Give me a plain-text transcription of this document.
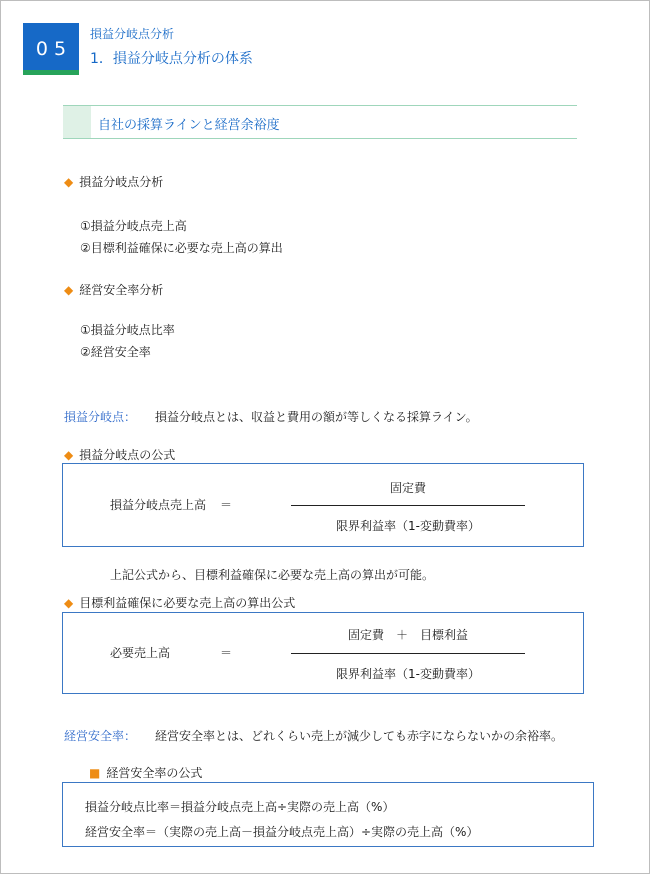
05
損益分岐点分析
1．損益分岐点分析の体系
自社の採算ラインと経営余裕度
◆ 損益分岐点分析
①損益分岐点売上高
②目標利益確保に必要な売上高の算出
◆ 経営安全率分析
①損益分岐点比率
②経営安全率
損益分岐点： 損益分岐点とは、収益と費用の額が等しくなる採算ライン。
◆ 損益分岐点の公式
損益分岐点売上高 ＝
固定費
限界利益率（1-変動費率）
上記公式から、目標利益確保に必要な売上高の算出が可能。
◆ 目標利益確保に必要な売上高の算出公式
必要売上高	＝
固定費　＋　目標利益
限界利益率（1-変動費率）
経営安全率： 経営安全率とは、どれくらい売上が減少しても赤字にならないかの余裕率。
■ 経営安全率の公式
損益分岐点比率＝損益分岐点売上高÷実際の売上高（%）
経営安全率＝（実際の売上高－損益分岐点売上高）÷実際の売上高（%）
